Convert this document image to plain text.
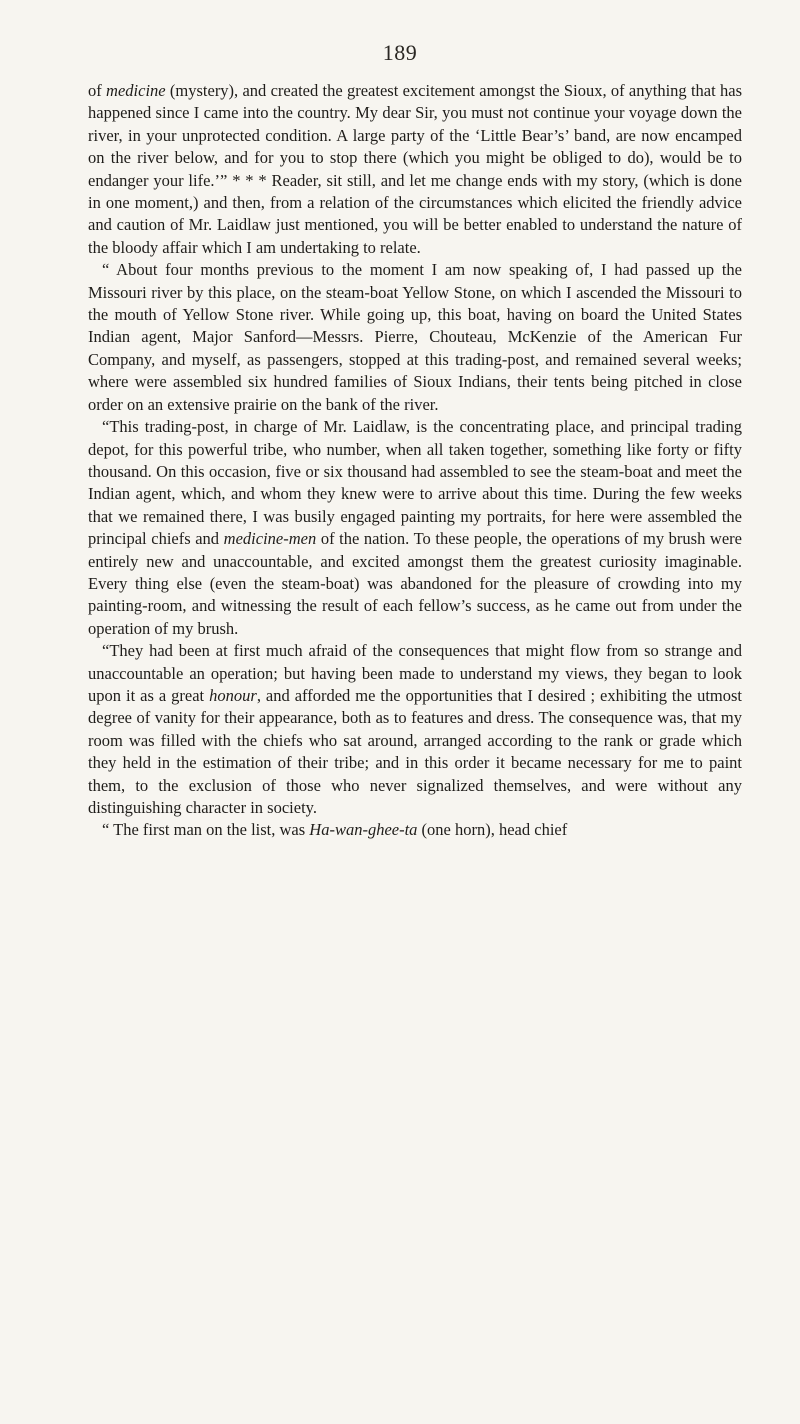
189

of medicine (mystery), and created the greatest excitement amongst the Sioux, of anything that has happened since I came into the country. My dear Sir, you must not continue your voyage down the river, in your unprotected condition. A large party of the ‘Little Bear’s’ band, are now encamped on the river below, and for you to stop there (which you might be obliged to do), would be to endanger your life.’” * * * Reader, sit still, and let me change ends with my story, (which is done in one moment,) and then, from a relation of the circumstances which elicited the friendly advice and caution of Mr. Laidlaw just mentioned, you will be better enabled to understand the nature of the bloody affair which I am undertaking to relate.

“ About four months previous to the moment I am now speaking of, I had passed up the Missouri river by this place, on the steam-boat Yellow Stone, on which I ascended the Missouri to the mouth of Yellow Stone river. While going up, this boat, having on board the United States Indian agent, Major Sanford—Messrs. Pierre, Chouteau, McKenzie of the American Fur Company, and myself, as passengers, stopped at this trading-post, and remained several weeks; where were assembled six hundred families of Sioux Indians, their tents being pitched in close order on an extensive prairie on the bank of the river.

“This trading-post, in charge of Mr. Laidlaw, is the concentrating place, and principal trading depot, for this powerful tribe, who number, when all taken together, something like forty or fifty thousand. On this occasion, five or six thousand had assembled to see the steam-boat and meet the Indian agent, which, and whom they knew were to arrive about this time. During the few weeks that we remained there, I was busily engaged painting my portraits, for here were assembled the principal chiefs and medicine-men of the nation. To these people, the operations of my brush were entirely new and unaccountable, and excited amongst them the greatest curiosity imaginable. Every thing else (even the steam-boat) was abandoned for the pleasure of crowding into my painting-room, and witnessing the result of each fellow’s success, as he came out from under the operation of my brush.

“They had been at first much afraid of the consequences that might flow from so strange and unaccountable an operation; but having been made to understand my views, they began to look upon it as a great honour, and afforded me the opportunities that I desired ; exhibiting the utmost degree of vanity for their appearance, both as to features and dress. The consequence was, that my room was filled with the chiefs who sat around, arranged according to the rank or grade which they held in the estimation of their tribe; and in this order it became necessary for me to paint them, to the exclusion of those who never signalized themselves, and were without any distinguishing character in society.

“ The first man on the list, was Ha-wan-ghee-ta (one horn), head chief
